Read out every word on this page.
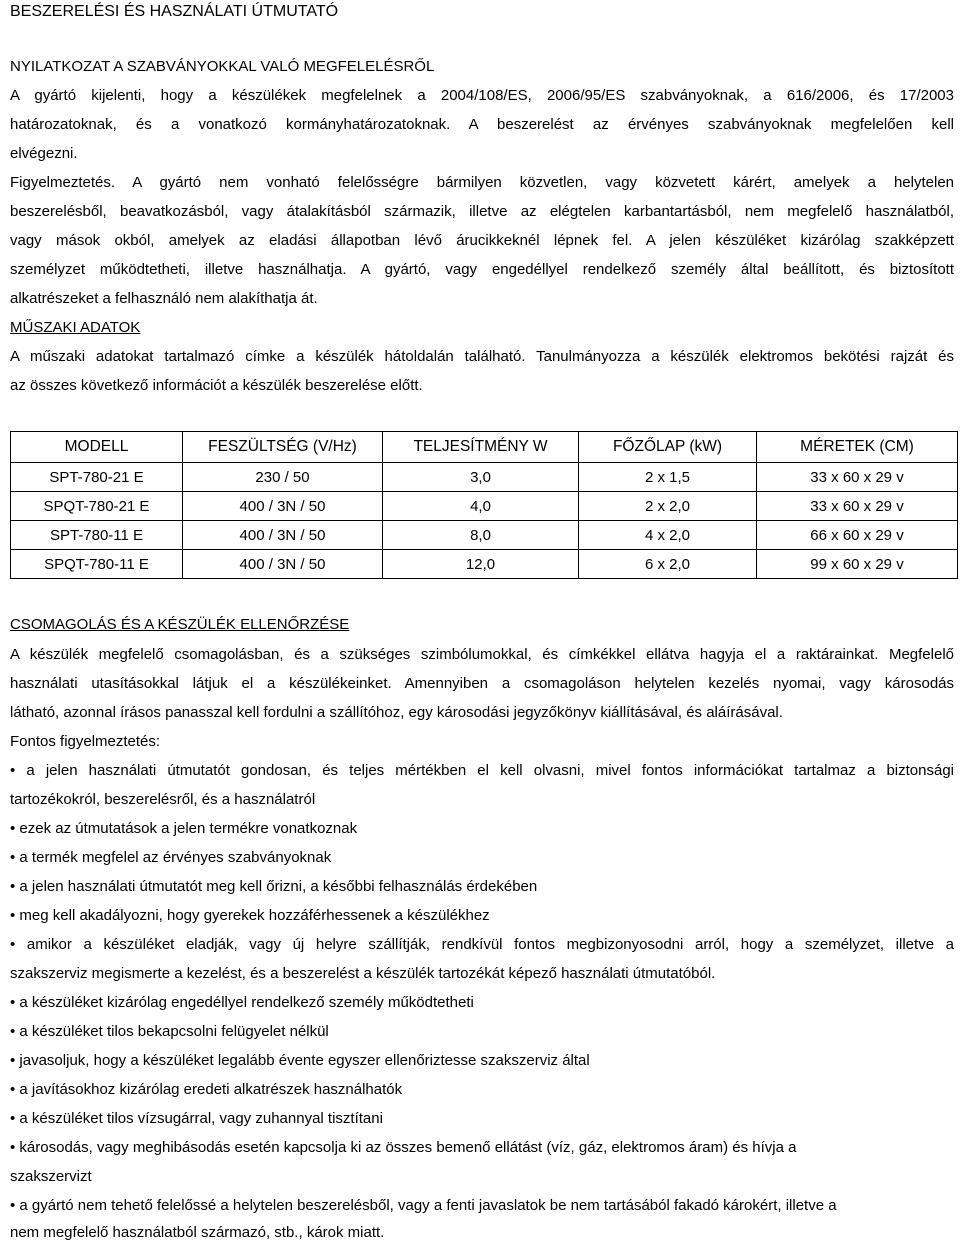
BESZERELÉSI ÉS HASZNÁLATI ÚTMUTATÓ

NYILATKOZAT A SZABVÁNYOKKAL VALÓ MEGFELELÉSRŐL

A gyártó kijelenti, hogy a készülékek megfelelnek a 2004/108/ES, 2006/95/ES szabványoknak, a 616/2006, és 17/2003

határozatoknak, és a vonatkozó kormányhatározatoknak. A beszerelést az érvényes szabványoknak megfelelően kell

elvégezni.

Figyelmeztetés. A gyártó nem vonható felelősségre bármilyen közvetlen, vagy közvetett kárért, amelyek a helytelen

beszerelésből, beavatkozásból, vagy átalakításból származik, illetve az elégtelen karbantartásból, nem megfelelő használatból,

vagy mások okból, amelyek az eladási állapotban lévő árucikkeknél lépnek fel. A jelen készüléket kizárólag szakképzett

személyzet működtetheti, illetve használhatja. A gyártó, vagy engedéllyel rendelkező személy által beállított, és biztosított

alkatrészeket a felhasználó nem alakíthatja át.

MŰSZAKI ADATOK

A műszaki adatokat tartalmazó címke a készülék hátoldalán található. Tanulmányozza a készülék elektromos bekötési rajzát és

az összes következő információt a készülék beszerelése előtt.

MODELL	FESZÜLTSÉG (V/Hz)	TELJESÍTMÉNY W	FŐZŐLAP (kW)	MÉRETEK (CM)
SPT-780-21 E	230 / 50	3,0	2 x 1,5	33 x 60 x 29 v
SPQT-780-21 E	400 / 3N / 50	4,0	2 x 2,0	33 x 60 x 29 v
SPT-780-11 E	400 / 3N / 50	8,0	4 x 2,0	66 x 60 x 29 v
SPQT-780-11 E	400 / 3N / 50	12,0	6 x 2,0	99 x 60 x 29 v

CSOMAGOLÁS ÉS A KÉSZÜLÉK ELLENŐRZÉSE

A készülék megfelelő csomagolásban, és a szükséges szimbólumokkal, és címkékkel ellátva hagyja el a raktárainkat. Megfelelő

használati utasításokkal látjuk el a készülékeinket. Amennyiben a csomagoláson helytelen kezelés nyomai, vagy károsodás

látható, azonnal írásos panasszal kell fordulni a szállítóhoz, egy károsodási jegyzőkönyv kiállításával, és aláírásával.

Fontos figyelmeztetés:

• a jelen használati útmutatót gondosan, és teljes mértékben el kell olvasni, mivel fontos információkat tartalmaz a biztonsági

tartozékokról, beszerelésről, és a használatról

• ezek az útmutatások a jelen termékre vonatkoznak

• a termék megfelel az érvényes szabványoknak

• a jelen használati útmutatót meg kell őrizni, a későbbi felhasználás érdekében

• meg kell akadályozni, hogy gyerekek hozzáférhessenek a készülékhez

• amikor a készüléket eladják, vagy új helyre szállítják, rendkívül fontos megbizonyosodni arról, hogy a személyzet, illetve a

szakszerviz megismerte a kezelést, és a beszerelést a készülék tartozékát képező használati útmutatóból.

• a készüléket kizárólag engedéllyel rendelkező személy működtetheti

• a készüléket tilos bekapcsolni felügyelet nélkül

• javasoljuk, hogy a készüléket legalább évente egyszer ellenőriztesse szakszerviz által

• a javításokhoz kizárólag eredeti alkatrészek használhatók

• a készüléket tilos vízsugárral, vagy zuhannyal tisztítani

• károsodás, vagy meghibásodás esetén kapcsolja ki az összes bemenő ellátást (víz, gáz, elektromos áram) és hívja a

szakszervizt

• a gyártó nem tehető felelőssé a helytelen beszerelésből, vagy a fenti javaslatok be nem tartásából fakadó károkért, illetve a

nem megfelelő használatból származó, stb., károk miatt.
